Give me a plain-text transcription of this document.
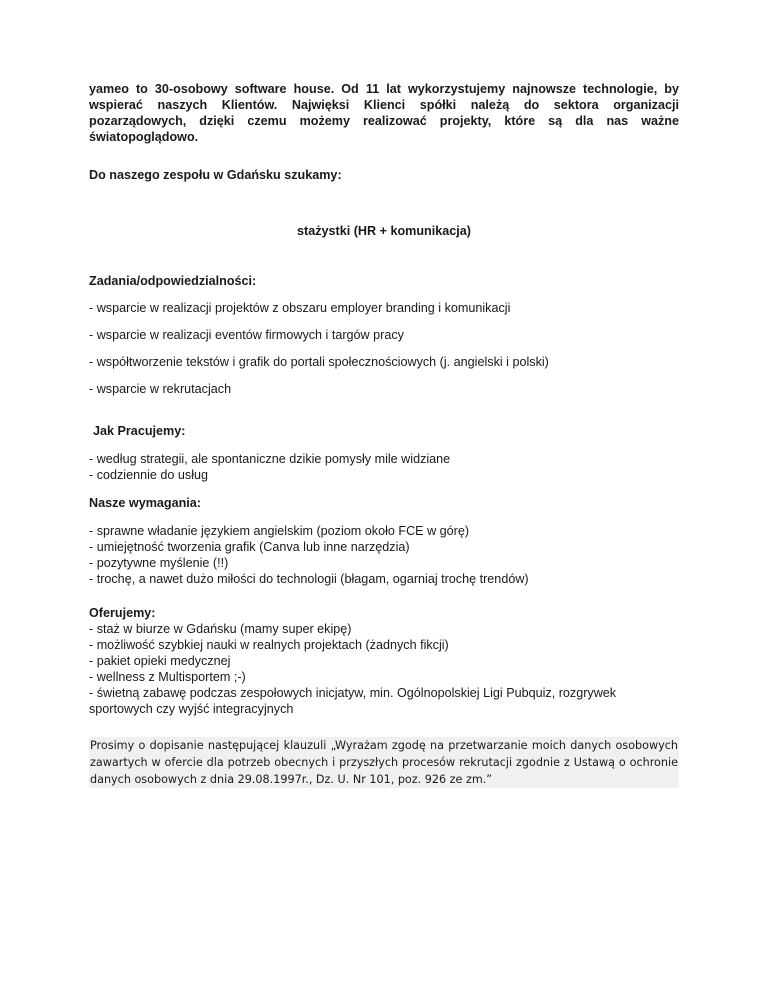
yameo to 30-osobowy software house. Od 11 lat wykorzystujemy najnowsze technologie, by wspierać naszych Klientów. Najwięksi Klienci spółki należą do sektora organizacji pozarządowych, dzięki czemu możemy realizować projekty, które są dla nas ważne światopoglądowo.

Do naszego zespołu w Gdańsku szukamy:

stażystki (HR + komunikacja)

Zadania/odpowiedzialności:

- wsparcie w realizacji projektów z obszaru employer branding i komunikacji

- wsparcie w realizacji eventów firmowych i targów pracy

- współtworzenie tekstów i grafik do portali społecznościowych (j. angielski i polski)

- wsparcie w rekrutacjach

Jak Pracujemy:

- według strategii, ale spontaniczne dzikie pomysły mile widziane

- codziennie do usług

Nasze wymagania:

- sprawne władanie językiem angielskim (poziom około FCE w górę)

- umiejętność tworzenia grafik (Canva lub inne narzędzia)

- pozytywne myślenie (!!)

- trochę, a nawet dużo miłości do technologii (błagam, ogarniaj trochę trendów)

Oferujemy:

- staż w biurze w Gdańsku (mamy super ekipę)

- możliwość szybkiej nauki w realnych projektach (żadnych fikcji)

- pakiet opieki medycznej

- wellness z Multisportem ;-)

- świetną zabawę podczas zespołowych inicjatyw, min. Ogólnopolskiej Ligi Pubquiz, rozgrywek sportowych czy wyjść integracyjnych

Prosimy o dopisanie następującej klauzuli „Wyrażam zgodę na przetwarzanie moich danych osobowych zawartych w ofercie dla potrzeb obecnych i przyszłych procesów rekrutacji zgodnie z Ustawą o ochronie danych osobowych z dnia 29.08.1997r., Dz. U. Nr 101, poz. 926 ze zm.”
